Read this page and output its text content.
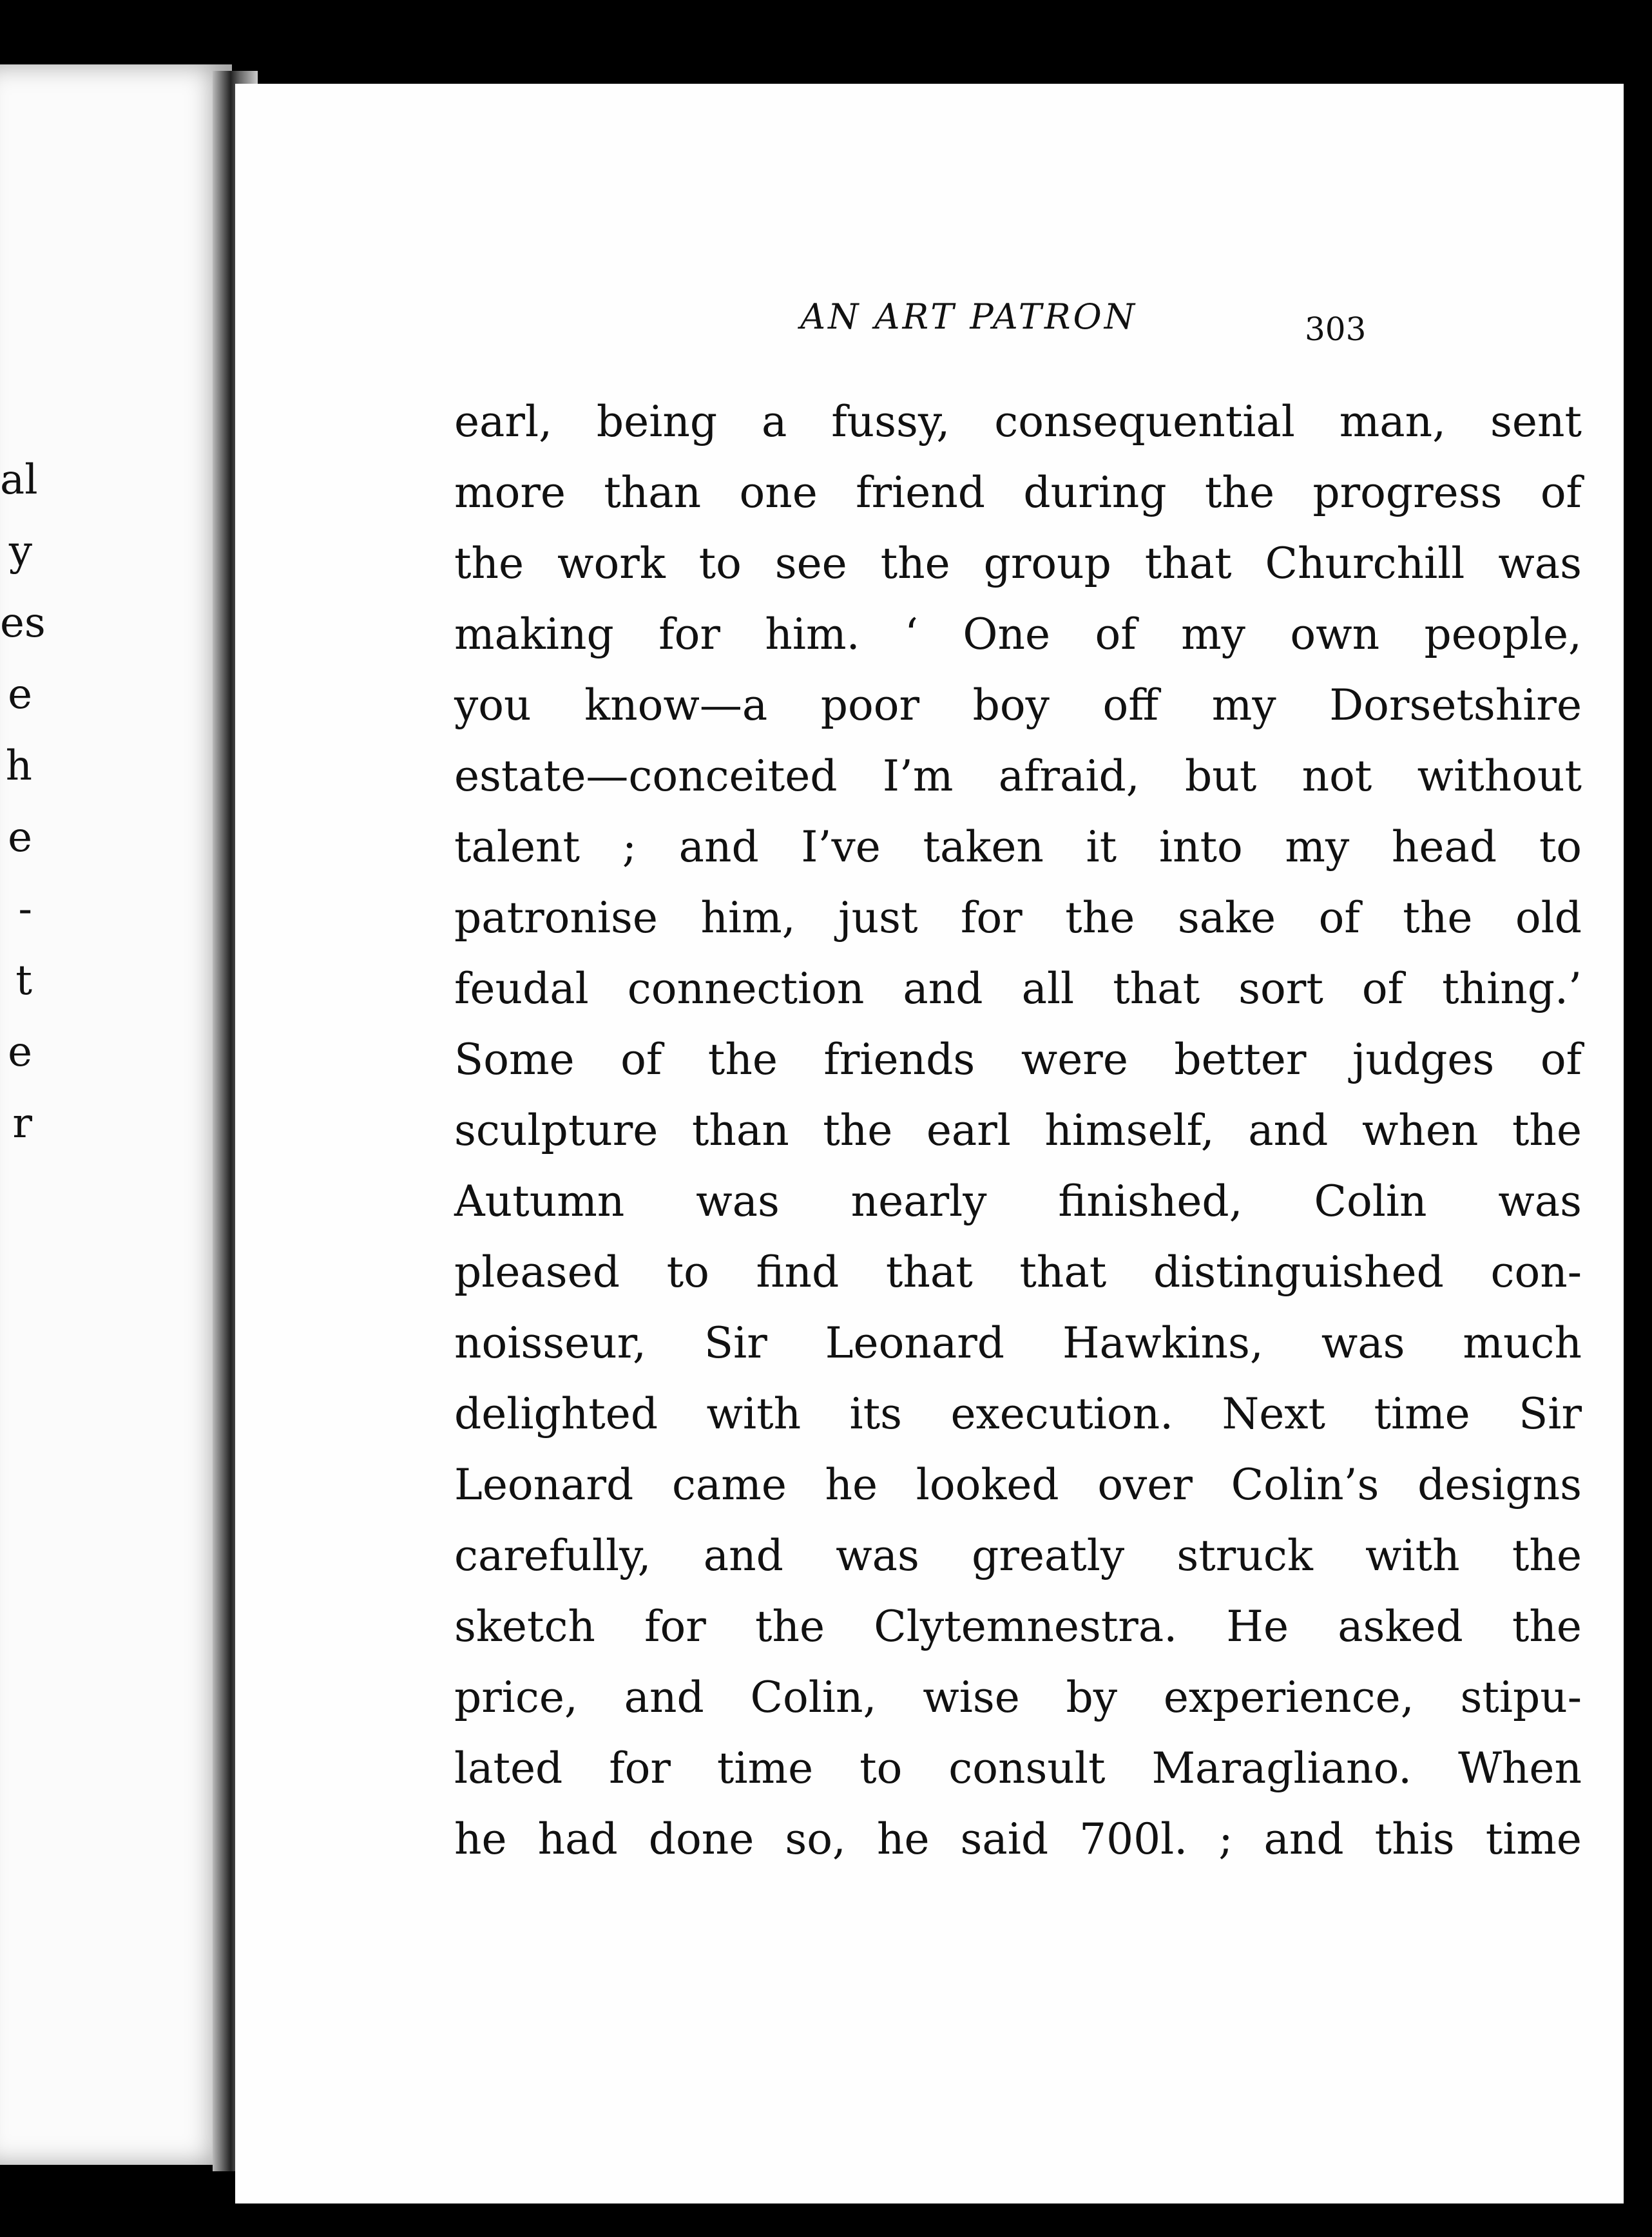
al
y
es
e
h
e
-
t
e
r
AN ART PATRON	303
earl, being a fussy, consequential man, sent
more than one friend during the progress of
the work to see the group that Churchill was
making for him. ‘ One of my own people,
you know—a poor boy off my Dorsetshire
estate—conceited I’m afraid, but not without
talent ; and I’ve taken it into my head to
patronise him, just for the sake of the old
feudal connection and all that sort of thing.’
Some of the friends were better judges of
sculpture than the earl himself, and when the
Autumn was nearly finished, Colin was
pleased to find that that distinguished con-
noisseur, Sir Leonard Hawkins, was much
delighted with its execution. Next time Sir
Leonard came he looked over Colin’s designs
carefully, and was greatly struck with the
sketch for the Clytemnestra. He asked the
price, and Colin, wise by experience, stipu-
lated for time to consult Maragliano. When
he had done so, he said 700l. ; and this time
